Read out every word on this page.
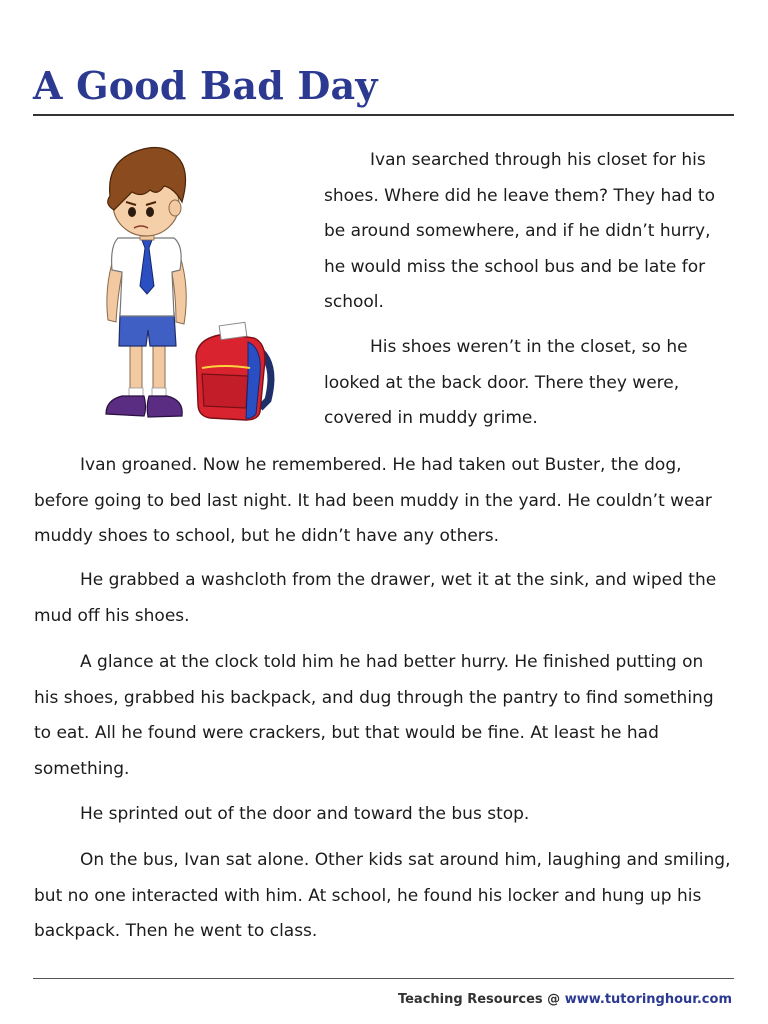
A Good Bad Day

Ivan searched through his closet for his shoes. Where did he leave them? They had to be around somewhere, and if he didn’t hurry, he would miss the school bus and be late for school.

His shoes weren’t in the closet, so he looked at the back door. There they were, covered in muddy grime.

Ivan groaned. Now he remembered. He had taken out Buster, the dog, before going to bed last night. It had been muddy in the yard. He couldn’t wear muddy shoes to school, but he didn’t have any others.

He grabbed a washcloth from the drawer, wet it at the sink, and wiped the mud off his shoes.

A glance at the clock told him he had better hurry. He finished putting on his shoes, grabbed his backpack, and dug through the pantry to find something to eat. All he found were crackers, but that would be fine. At least he had something.

He sprinted out of the door and toward the bus stop.

On the bus, Ivan sat alone. Other kids sat around him, laughing and smiling, but no one interacted with him. At school, he found his locker and hung up his backpack. Then he went to class.

Teaching Resources @ www.tutoringhour.com
